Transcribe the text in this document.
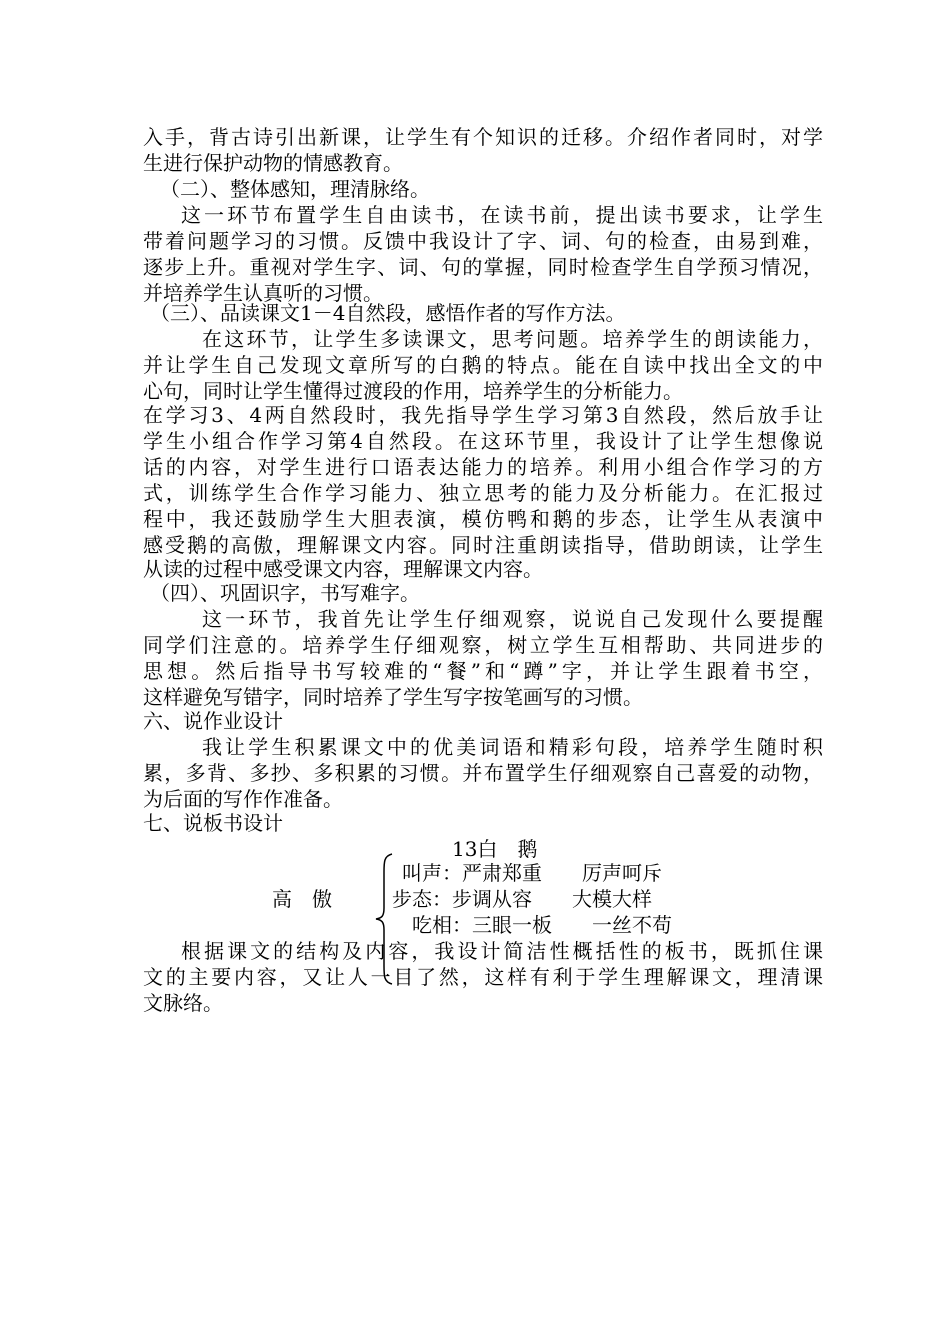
入手，背古诗引出新课，让学生有个知识的迁移。介绍作者同时，对学
生进行保护动物的情感教育。
（二）、整体感知，理清脉络。
这一环节布置学生自由读书，在读书前，提出读书要求，让学生
带着问题学习的习惯。反馈中我设计了字、词、句的检查，由易到难，
逐步上升。重视对学生字、词、句的掌握，同时检查学生自学预习情况，
并培养学生认真听的习惯。
（三）、品读课文1－4自然段，感悟作者的写作方法。
在这环节，让学生多读课文，思考问题。培养学生的朗读能力，
并让学生自己发现文章所写的白鹅的特点。能在自读中找出全文的中
心句，同时让学生懂得过渡段的作用，培养学生的分析能力。
在学习3、4两自然段时，我先指导学生学习第3自然段，然后放手让
学生小组合作学习第4自然段。在这环节里，我设计了让学生想像说
话的内容，对学生进行口语表达能力的培养。利用小组合作学习的方
式，训练学生合作学习能力、独立思考的能力及分析能力。在汇报过
程中，我还鼓励学生大胆表演，模仿鸭和鹅的步态，让学生从表演中
感受鹅的高傲，理解课文内容。同时注重朗读指导，借助朗读，让学生
从读的过程中感受课文内容，理解课文内容。
（四）、巩固识字，书写难字。
这一环节，我首先让学生仔细观察，说说自己发现什么要提醒
同学们注意的。培养学生仔细观察，树立学生互相帮助、共同进步的
思想。然后指导书写较难的“餐”和“蹲”字，并让学生跟着书空，
这样避免写错字，同时培养了学生写字按笔画写的习惯。
六、说作业设计
我让学生积累课文中的优美词语和精彩句段，培养学生随时积
累，多背、多抄、多积累的习惯。并布置学生仔细观察自己喜爱的动物，
为后面的写作作准备。
七、说板书设计
13白　鹅
高　傲
叫声：严肃郑重　　厉声呵斥
步态：步调从容　　大模大样
吃相：三眼一板　　一丝不苟
根据课文的结构及内容，我设计简洁性概括性的板书，既抓住课
文的主要内容，又让人一目了然，这样有利于学生理解课文，理清课
文脉络。
